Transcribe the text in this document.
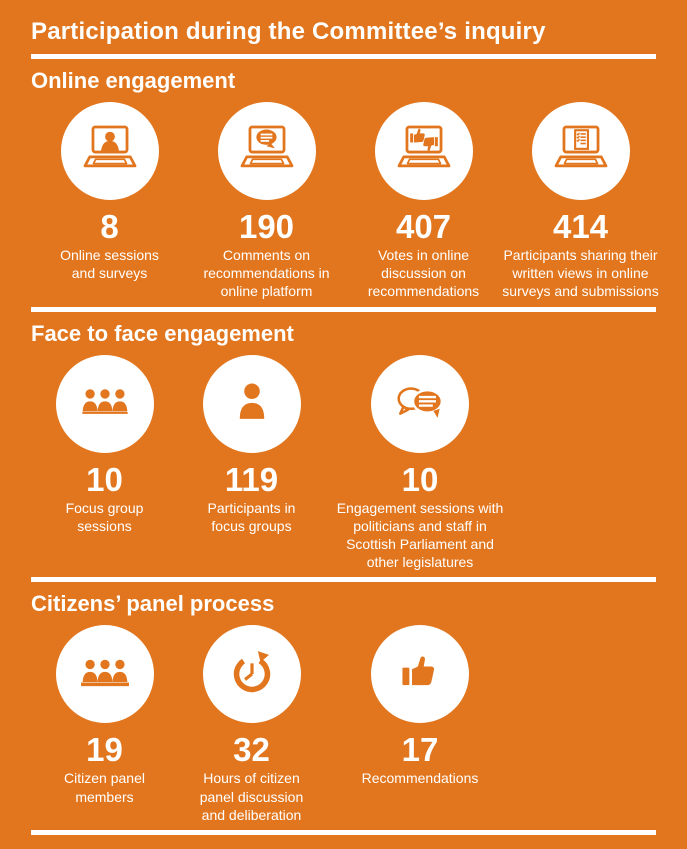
Participation during the Committee’s inquiry
Online engagement
8
Online sessions and surveys
190
Comments on recommendations in online platform
407
Votes in online discussion on recommendations
414
Participants sharing their written views in online surveys and submissions
Face to face engagement
10
Focus group sessions
119
Participants in focus groups
10
Engagement sessions with politicians and staff in Scottish Parliament and other legislatures
Citizens’ panel process
19
Citizen panel members
32
Hours of citizen panel discussion and deliberation
17
Recommendations
